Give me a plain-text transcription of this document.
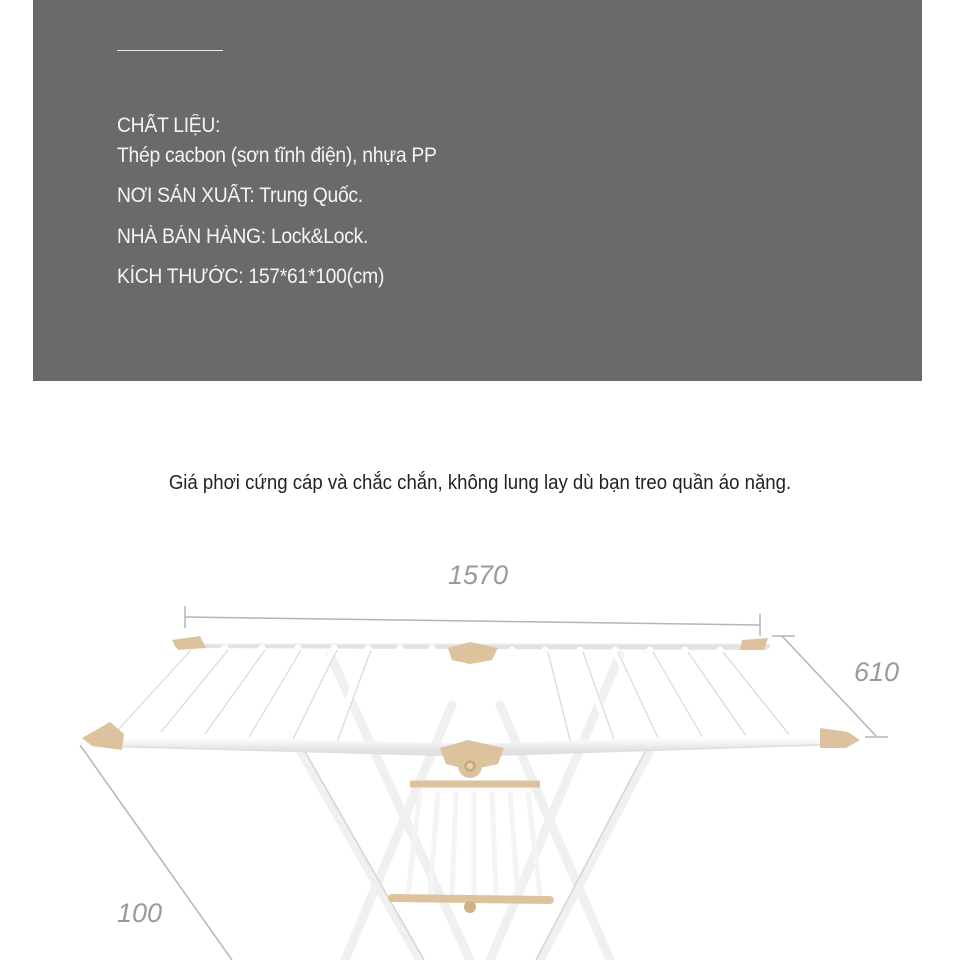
CHẤT LIỆU:
Thép cacbon (sơn tĩnh điện), nhựa PP
NƠI SẢN XUẤT: Trung Quốc.
NHÀ BÁN HÀNG: Lock&Lock.
KÍCH THƯỚC: 157*61*100(cm)
Giá phơi cứng cáp và chắc chắn, không lung lay dù bạn treo quần áo nặng.
1570
610
100
